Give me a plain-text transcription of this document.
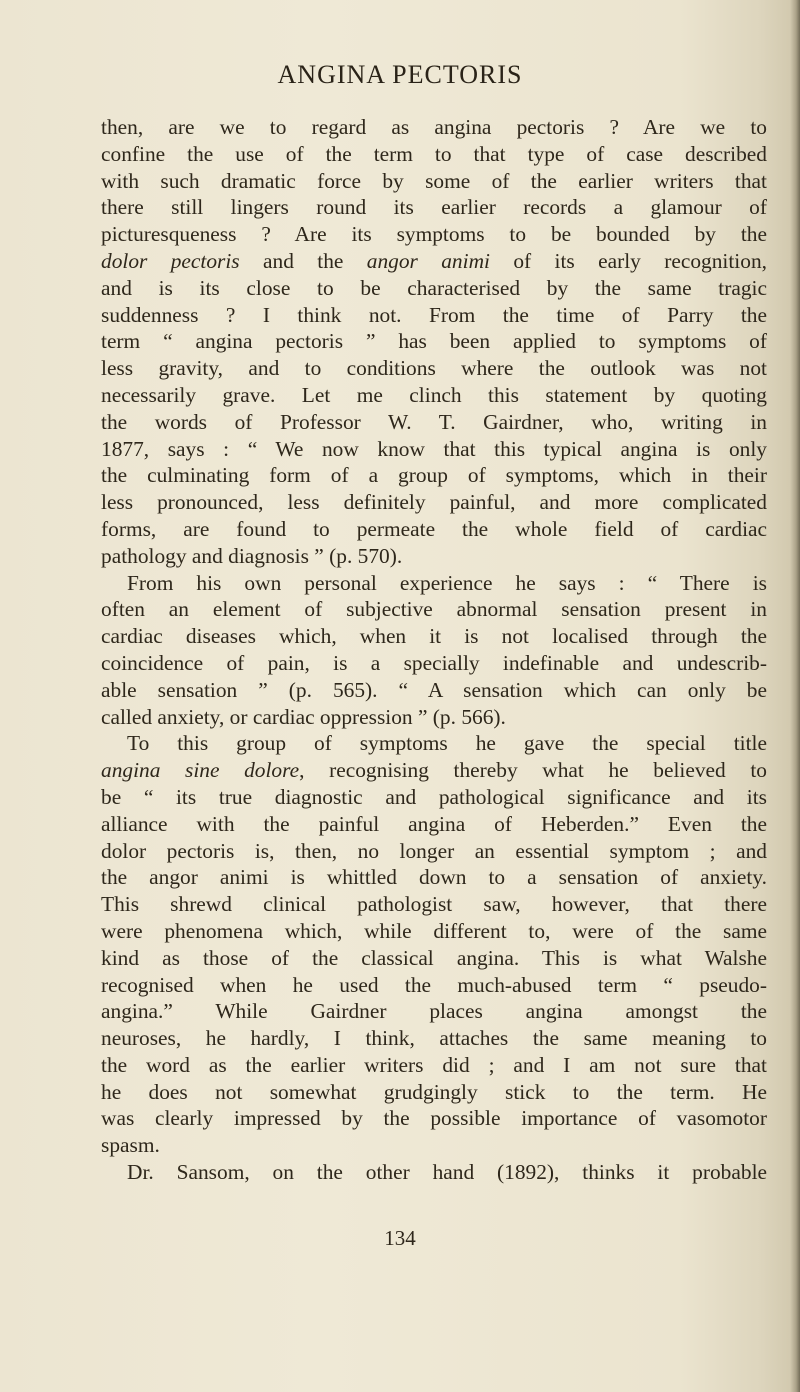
ANGINA PECTORIS
then, are we to regard as angina pectoris ? Are we to
confine the use of the term to that type of case described
with such dramatic force by some of the earlier writers that
there still lingers round its earlier records a glamour of
picturesqueness ? Are its symptoms to be bounded by the
dolor pectoris and the angor animi of its early recognition,
and is its close to be characterised by the same tragic
suddenness ? I think not. From the time of Parry the
term “ angina pectoris ” has been applied to symptoms of
less gravity, and to conditions where the outlook was not
necessarily grave. Let me clinch this statement by quoting
the words of Professor W. T. Gairdner, who, writing in
1877, says : “ We now know that this typical angina is only
the culminating form of a group of symptoms, which in their
less pronounced, less definitely painful, and more complicated
forms, are found to permeate the whole field of cardiac
pathology and diagnosis ” (p. 570).
From his own personal experience he says : “ There is
often an element of subjective abnormal sensation present in
cardiac diseases which, when it is not localised through the
coincidence of pain, is a specially indefinable and undescrib-
able sensation ” (p. 565). “ A sensation which can only be
called anxiety, or cardiac oppression ” (p. 566).
To this group of symptoms he gave the special title
angina sine dolore, recognising thereby what he believed to
be “ its true diagnostic and pathological significance and its
alliance with the painful angina of Heberden.” Even the
dolor pectoris is, then, no longer an essential symptom ; and
the angor animi is whittled down to a sensation of anxiety.
This shrewd clinical pathologist saw, however, that there
were phenomena which, while different to, were of the same
kind as those of the classical angina. This is what Walshe
recognised when he used the much-abused term “ pseudo-
angina.” While Gairdner places angina amongst the
neuroses, he hardly, I think, attaches the same meaning to
the word as the earlier writers did ; and I am not sure that
he does not somewhat grudgingly stick to the term. He
was clearly impressed by the possible importance of vasomotor
spasm.
Dr. Sansom, on the other hand (1892), thinks it probable
134
